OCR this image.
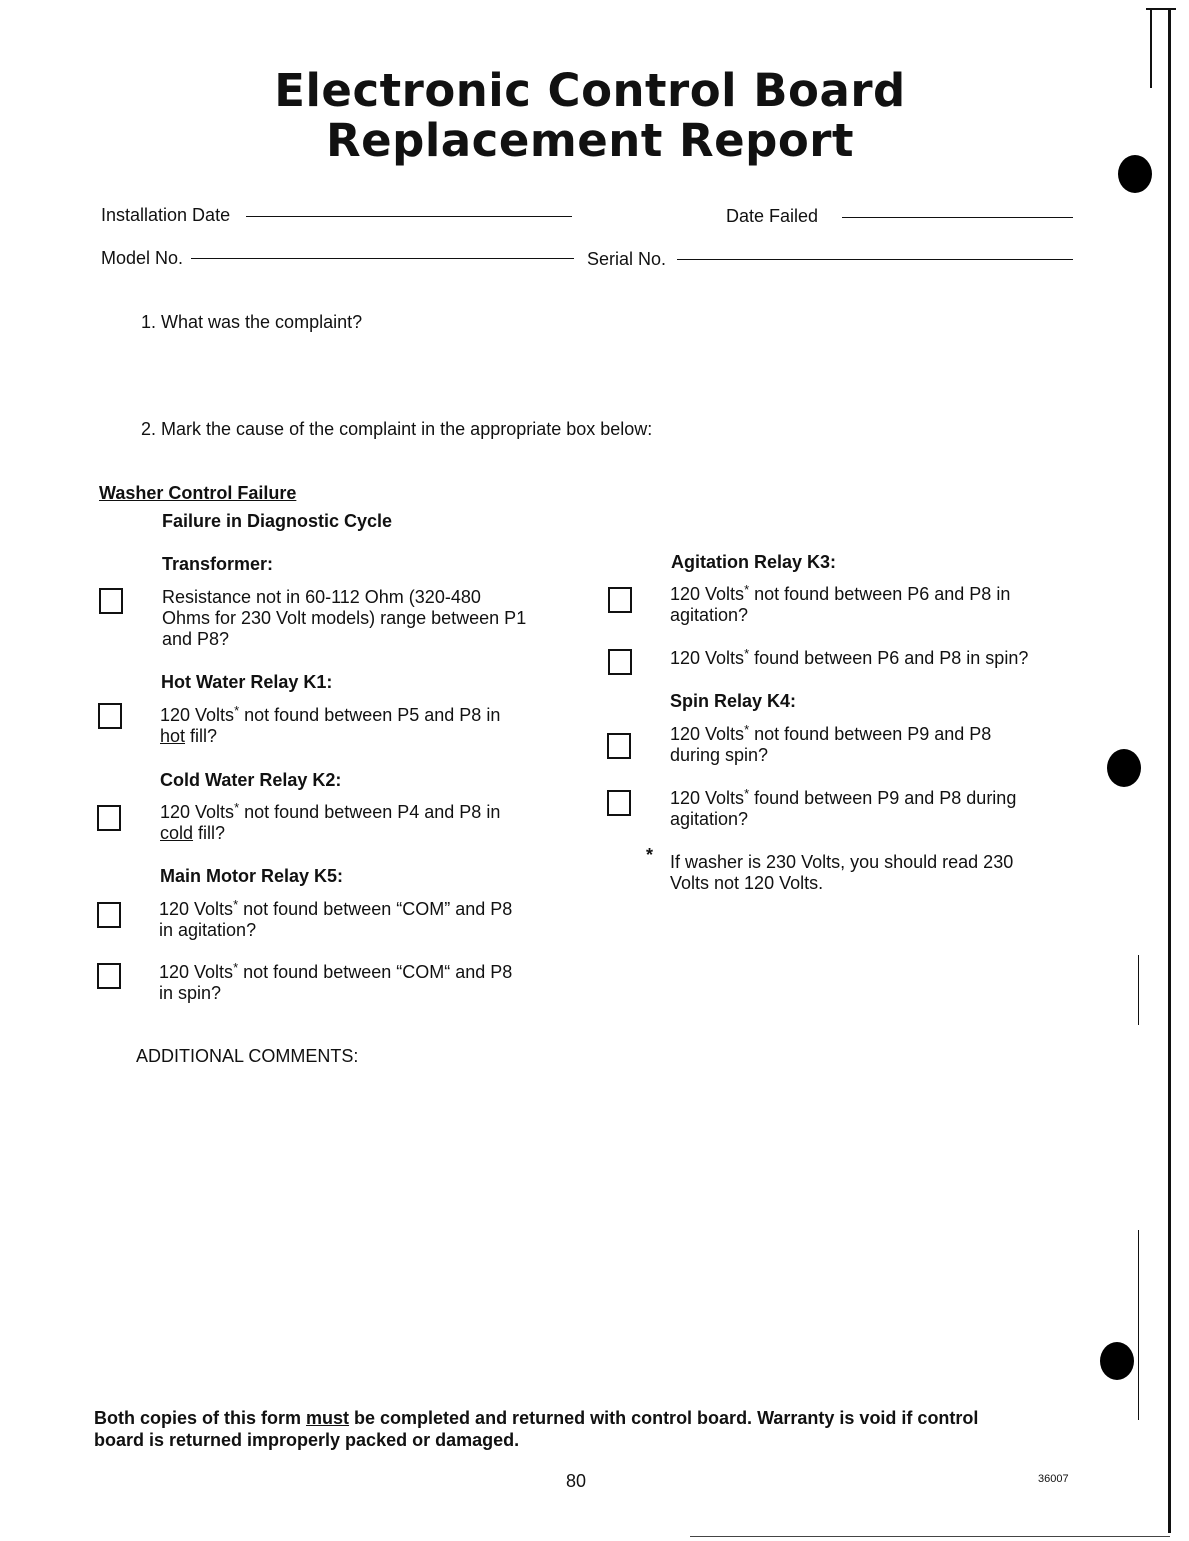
Electronic Control Board
Replacement Report
Installation Date	Date Failed
Model No.	Serial No.
1. What was the complaint?
2. Mark the cause of the complaint in the appropriate box below:
Washer Control Failure
Failure in Diagnostic Cycle
Transformer:
Resistance not in 60-112 Ohm (320-480
Ohms for 230 Volt models) range between P1
and P8?
Hot Water Relay K1:
120 Volts* not found between P5 and P8 in
hot fill?
Cold Water Relay K2:
120 Volts* not found between P4 and P8 in
cold fill?
Main Motor Relay K5:
120 Volts* not found between “COM” and P8
in agitation?
120 Volts* not found between “COM“ and P8
in spin?
Agitation Relay K3:
120 Volts* not found between P6 and P8 in
agitation?
120 Volts* found between P6 and P8 in spin?
Spin Relay K4:
120 Volts* not found between P9 and P8
during spin?
120 Volts* found between P9 and P8 during
agitation?
* If washer is 230 Volts, you should read 230
Volts not 120 Volts.
ADDITIONAL COMMENTS:
Both copies of this form must be completed and returned with control board. Warranty is void if control
board is returned improperly packed or damaged.
80	36007
